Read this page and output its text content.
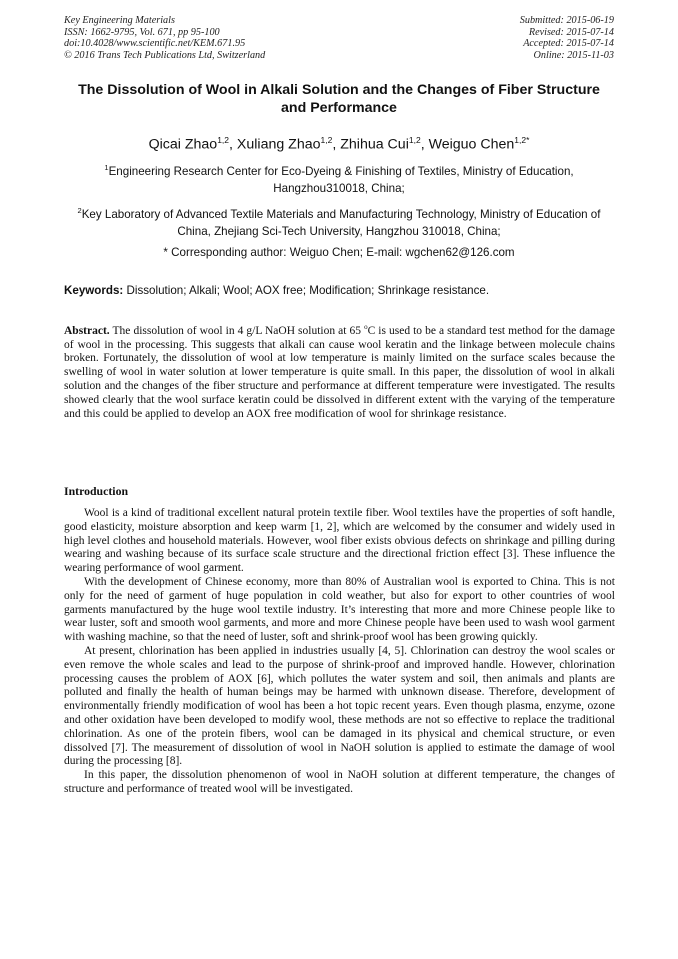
Key Engineering Materials
ISSN: 1662-9795, Vol. 671, pp 95-100
doi:10.4028/www.scientific.net/KEM.671.95
© 2016 Trans Tech Publications Ltd, Switzerland
Submitted: 2015-06-19
Revised: 2015-07-14
Accepted: 2015-07-14
Online: 2015-11-03
The Dissolution of Wool in Alkali Solution and the Changes of Fiber Structure and Performance
Qicai Zhao$^{1,2}$, Xuliang Zhao$^{1,2}$, Zhihua Cui$^{1,2}$, Weiguo Chen$^{1,2*}$
$^1$Engineering Research Center for Eco-Dyeing & Finishing of Textiles, Ministry of Education, Hangzhou310018, China;
$^2$Key Laboratory of Advanced Textile Materials and Manufacturing Technology, Ministry of Education of China, Zhejiang Sci-Tech University, Hangzhou 310018, China;
* Corresponding author: Weiguo Chen; E-mail: wgchen62@126.com
Keywords: Dissolution; Alkali; Wool; AOX free; Modification; Shrinkage resistance.
Abstract. The dissolution of wool in 4 g/L NaOH solution at 65 $^o$C is used to be a standard test method for the damage of wool in the processing. This suggests that alkali can cause wool keratin and the linkage between molecule chains broken. Fortunately, the dissolution of wool at low temperature is mainly limited on the surface scales because the swelling of wool in water solution at lower temperature is quite small. In this paper, the dissolution of wool in alkali solution and the changes of the fiber structure and performance at different temperature were investigated. The results showed clearly that the wool surface keratin could be dissolved in different extent with the varying of the temperature and this could be applied to develop an AOX free modification of wool for shrinkage resistance.
Introduction

Wool is a kind of traditional excellent natural protein textile fiber. Wool textiles have the properties of soft handle, good elasticity, moisture absorption and keep warm [1, 2], which are welcomed by the consumer and widely used in high level clothes and household materials. However, wool fiber exists obvious defects on shrinkage and pilling during wearing and washing because of its surface scale structure and the directional friction effect [3]. These influence the wearing performance of wool garment.

With the development of Chinese economy, more than 80% of Australian wool is exported to China. This is not only for the need of garment of huge population in cold weather, but also for export to other countries of wool garments manufactured by the huge wool textile industry. It’s interesting that more and more Chinese people like to wear luster, soft and smooth wool garments, and more and more Chinese people have been used to wash wool garment with washing machine, so that the need of luster, soft and shrink-proof wool has been growing quickly.

At present, chlorination has been applied in industries usually [4, 5]. Chlorination can destroy the wool scales or even remove the whole scales and lead to the purpose of shrink-proof and improved handle. However, chlorination processing causes the problem of AOX [6], which pollutes the water system and soil, then animals and plants are polluted and finally the health of human beings may be harmed with unknown disease. Therefore, development of environmentally friendly modification of wool has been a hot topic recent years. Even though plasma, enzyme, ozone and other oxidation have been developed to modify wool, these methods are not so effective to replace the traditional chlorination. As one of the protein fibers, wool can be damaged in its physical and chemical structure, or even dissolved [7]. The measurement of dissolution of wool in NaOH solution is applied to estimate the damage of wool during the processing [8].

In this paper, the dissolution phenomenon of wool in NaOH solution at different temperature, the changes of structure and performance of treated wool will be investigated.
